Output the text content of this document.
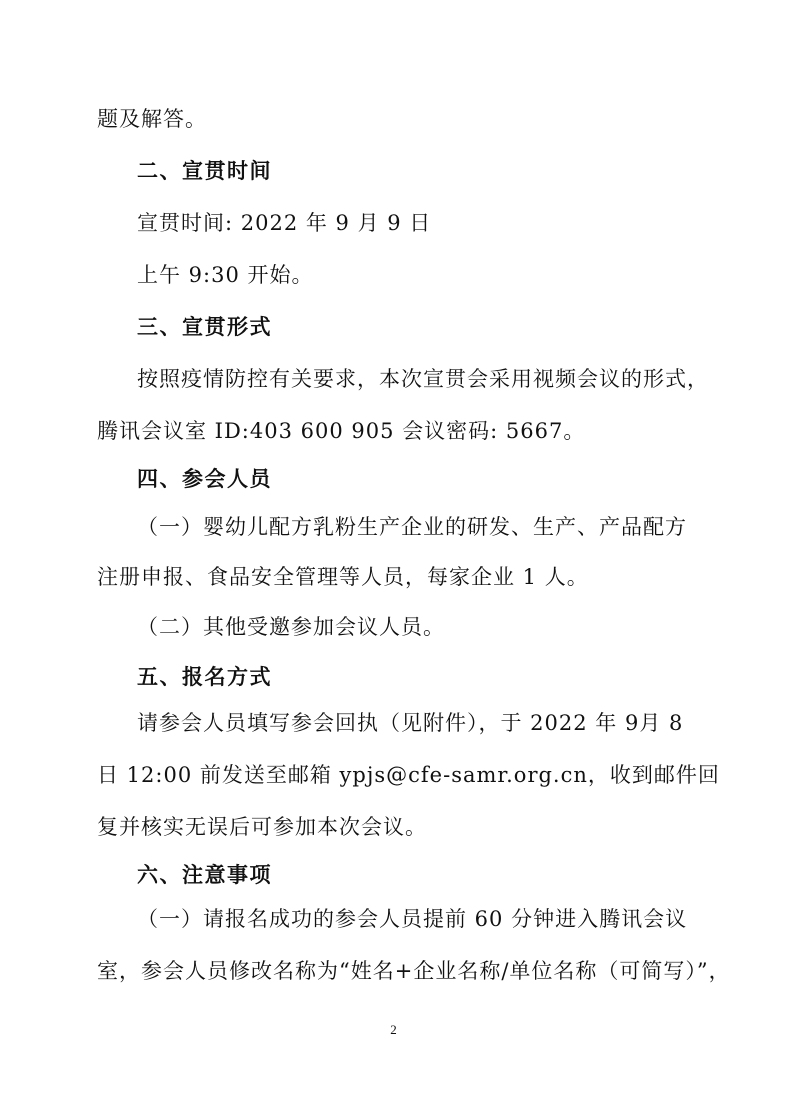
题及解答。
二、宣贯时间
宣贯时间: 2022 年 9 月 9 日
上午 9:30 开始。
三、宣贯形式
按照疫情防控有关要求，本次宣贯会采用视频会议的形式，
腾讯会议室 ID:403 600 905 会议密码: 5667。
四、参会人员
（一）婴幼儿配方乳粉生产企业的研发、生产、产品配方
注册申报、食品安全管理等人员，每家企业 1 人。
（二）其他受邀参加会议人员。
五、报名方式
请参会人员填写参会回执（见附件），于 2022 年 9月 8
日 12:00 前发送至邮箱 ypjs@cfe-samr.org.cn，收到邮件回
复并核实无误后可参加本次会议。
六、注意事项
（一）请报名成功的参会人员提前 60 分钟进入腾讯会议
室，参会人员修改名称为“姓名+企业名称/单位名称（可简写）”，
2
